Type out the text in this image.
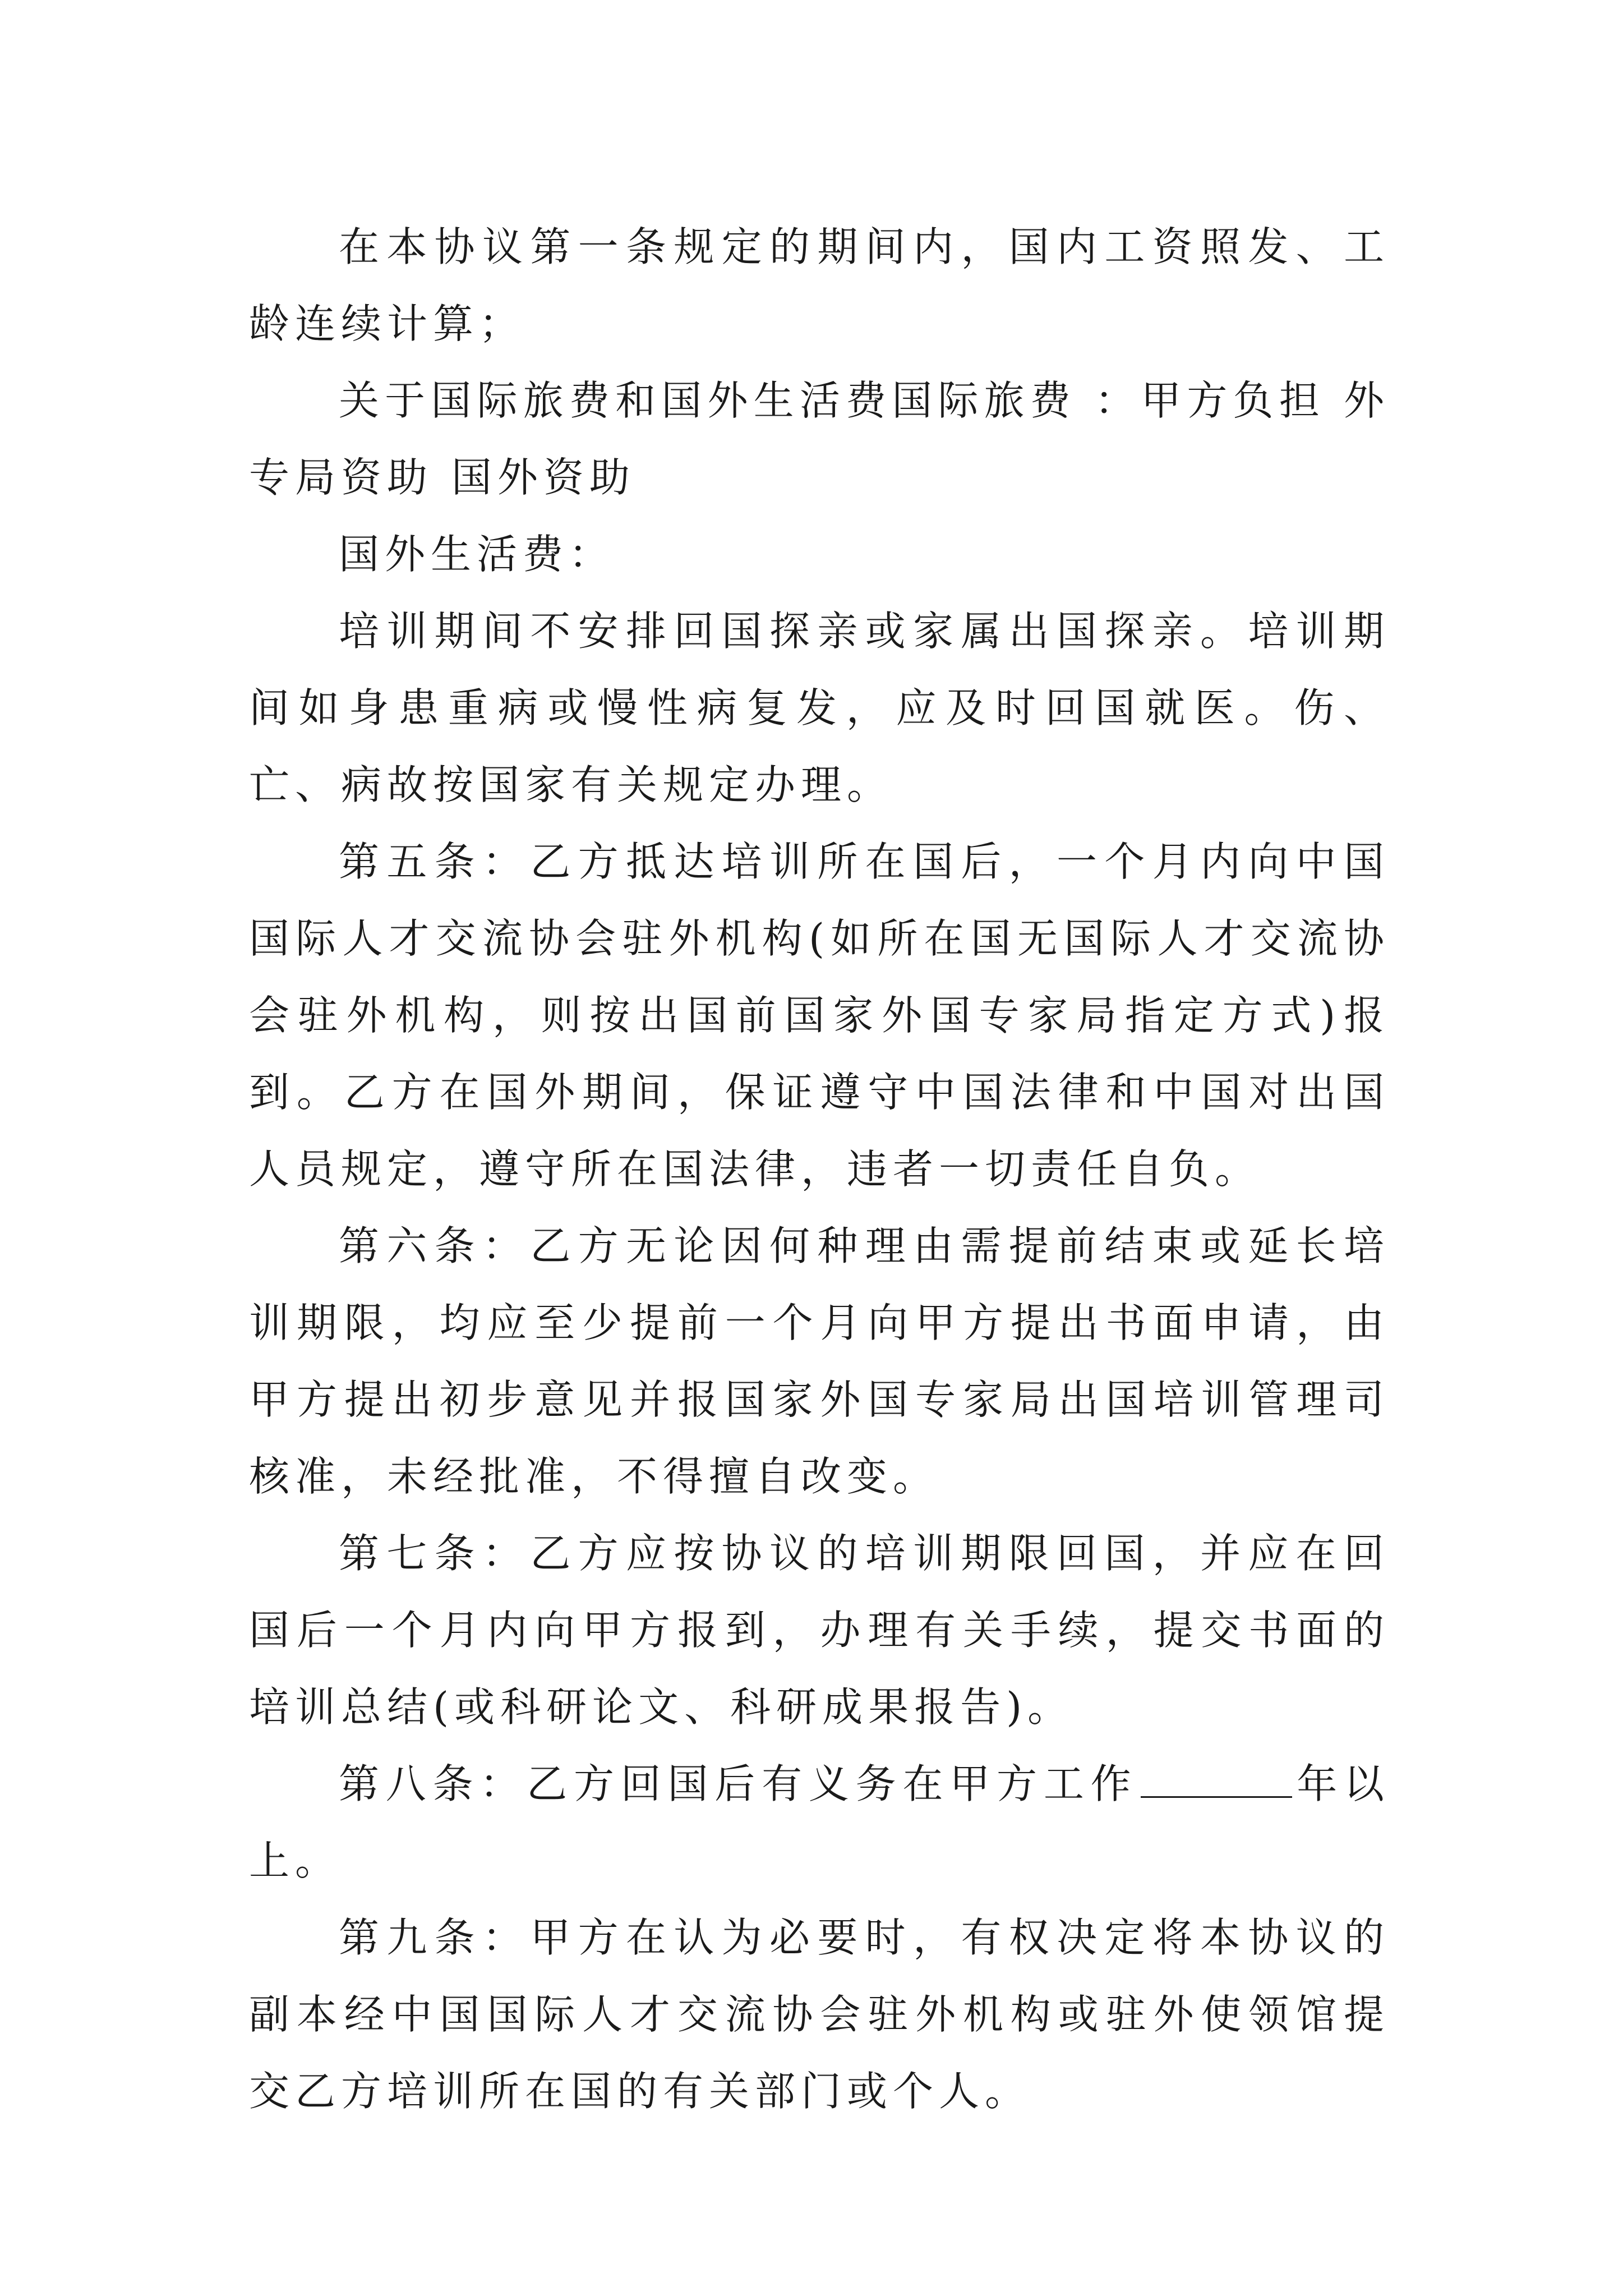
在本协议第一条规定的期间内，国内工资照发、工龄连续计算；

关于国际旅费和国外生活费国际旅费 ：甲方负担 外专局资助 国外资助

国外生活费：

培训期间不安排回国探亲或家属出国探亲。培训期间如身患重病或慢性病复发，应及时回国就医。伤、亡、病故按国家有关规定办理。

第五条：乙方抵达培训所在国后，一个月内向中国国际人才交流协会驻外机构(如所在国无国际人才交流协会驻外机构，则按出国前国家外国专家局指定方式)报到。乙方在国外期间，保证遵守中国法律和中国对出国人员规定，遵守所在国法律，违者一切责任自负。

第六条：乙方无论因何种理由需提前结束或延长培训期限，均应至少提前一个月向甲方提出书面申请，由甲方提出初步意见并报国家外国专家局出国培训管理司核准，未经批准，不得擅自改变。

第七条：乙方应按协议的培训期限回国，并应在回国后一个月内向甲方报到，办理有关手续，提交书面的培训总结(或科研论文、科研成果报告)。

第八条：乙方回国后有义务在甲方工作	年以上。

第九条：甲方在认为必要时，有权决定将本协议的副本经中国国际人才交流协会驻外机构或驻外使领馆提交乙方培训所在国的有关部门或个人。
